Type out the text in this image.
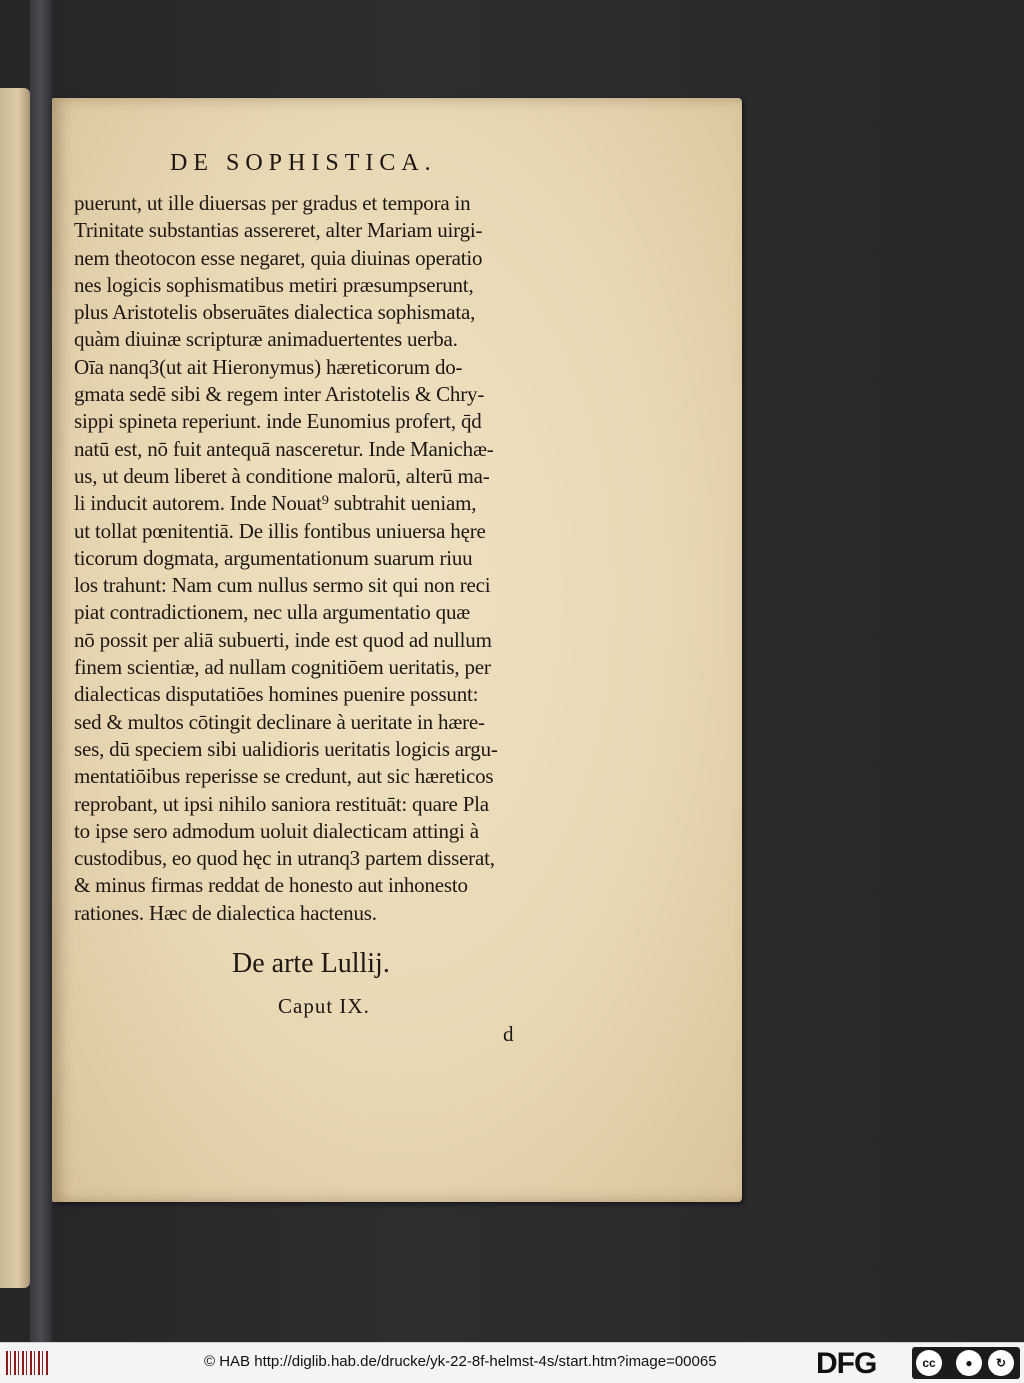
DE SOPHISTICA.
puerunt, ut ille diuersas per gradus et tempora in
Trinitate substantias assereret, alter Mariam uirgi-
nem theotocon esse negaret, quia diuinas operatio
nes logicis sophismatibus metiri præsumpserunt,
plus Aristotelis obseruātes dialectica sophismata,
quàm diuinæ scripturæ animaduertentes uerba.
Oīa nanq3(ut ait Hieronymus) hæreticorum do-
gmata sedē sibi & regem inter Aristotelis & Chry-
sippi spineta reperiunt. inde Eunomius profert, q̄d
natū est, nō fuit antequā nasceretur. Inde Manichæ-
us, ut deum liberet à conditione malorū, alterū ma-
li inducit autorem. Inde Nouat⁹ subtrahit ueniam,
ut tollat pœnitentiā. De illis fontibus uniuersa hęre
ticorum dogmata, argumentationum suarum riuu
los trahunt: Nam cum nullus sermo sit qui non reci
piat contradictionem, nec ulla argumentatio quæ
nō possit per aliā subuerti, inde est quod ad nullum
finem scientiæ, ad nullam cognitiōem ueritatis, per
dialecticas disputatiōes homines puenire possunt:
sed & multos cōtingit declinare à ueritate in hære-
ses, dū speciem sibi ualidioris ueritatis logicis argu-
mentatiōibus reperisse se credunt, aut sic hæreticos
reprobant, ut ipsi nihilo saniora restituāt: quare Pla
to ipse sero admodum uoluit dialecticam attingi à
custodibus, eo quod hęc in utranq3 partem disserat,
& minus firmas reddat de honesto aut inhonesto
rationes. Hæc de dialectica hactenus.
De arte Lullij.
Caput IX.
d
© HAB http://diglib.hab.de/drucke/yk-22-8f-helmst-4s/start.htm?image=00065	DFG	cc	●	↻
BY	SA
